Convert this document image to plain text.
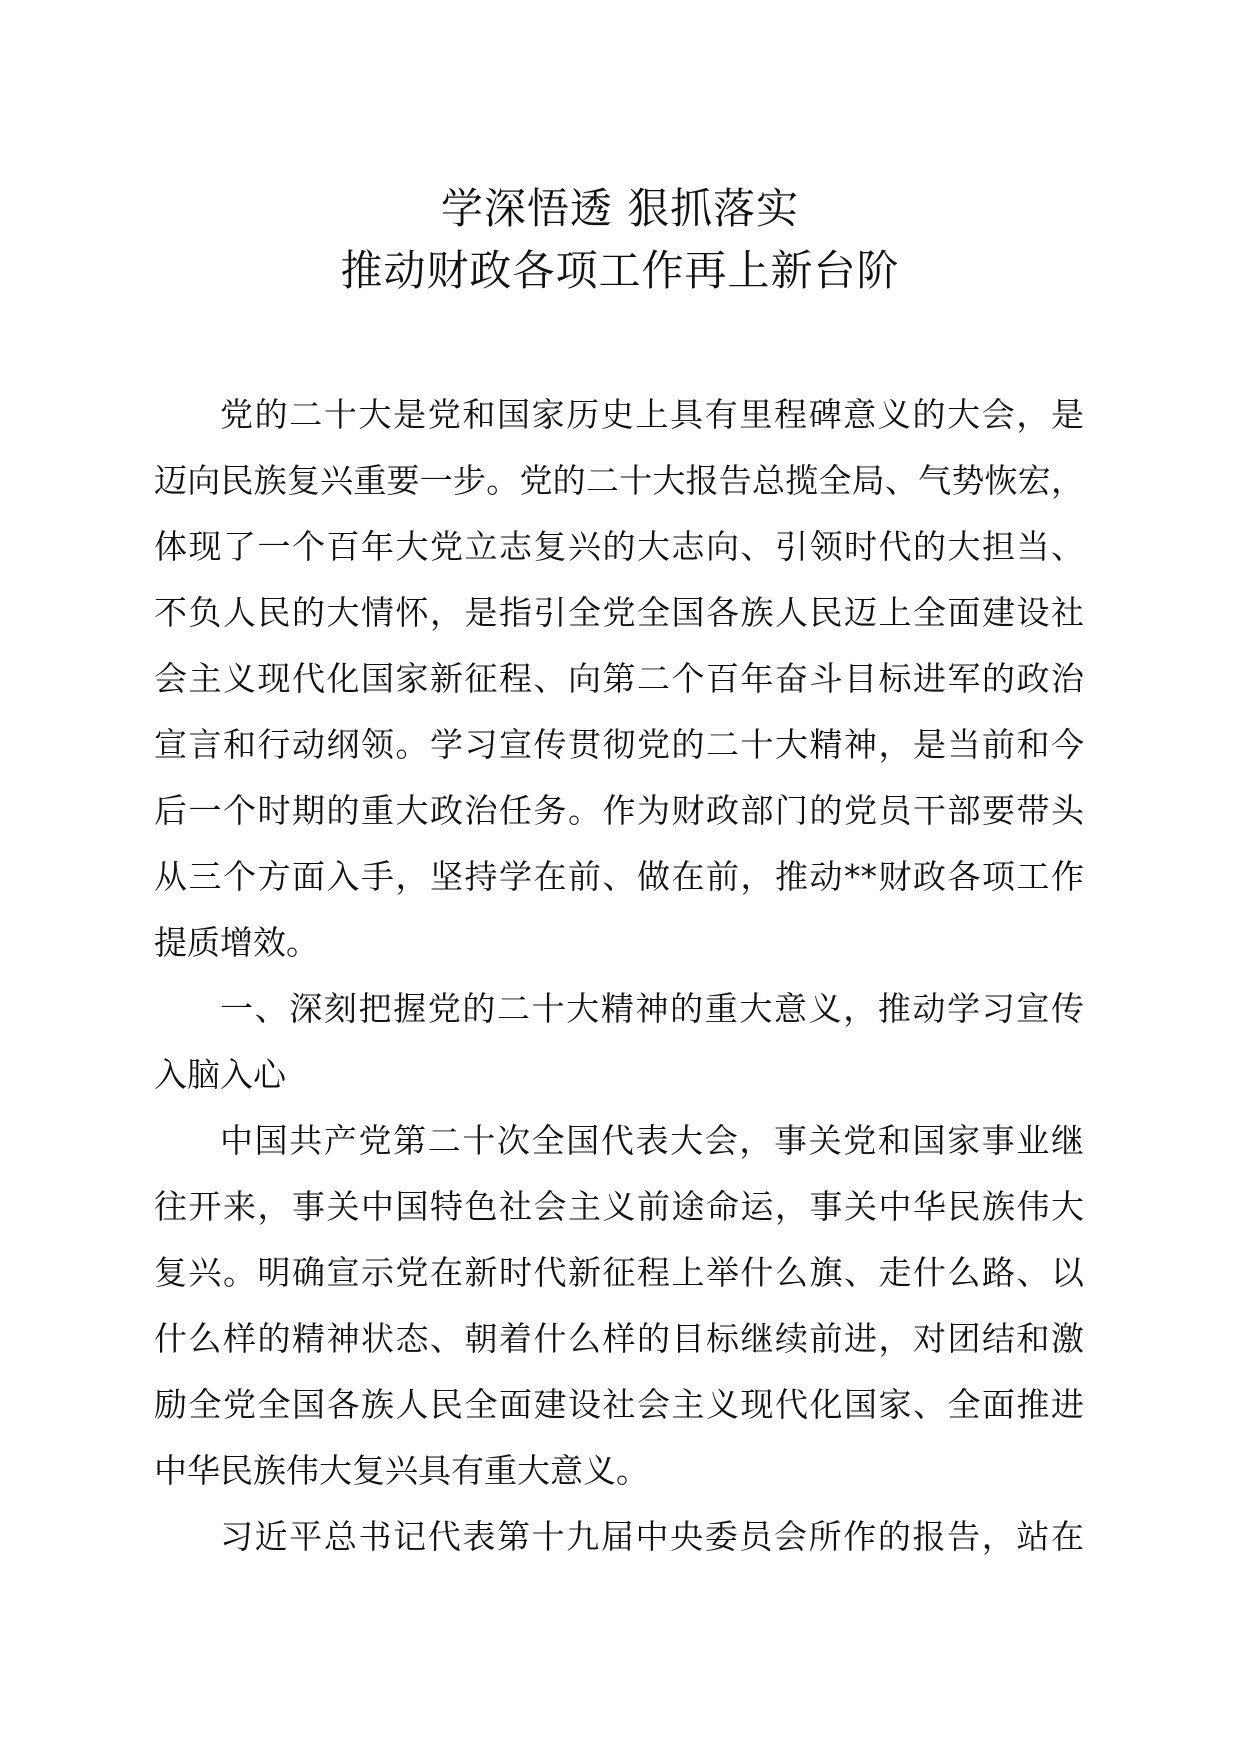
学深悟透 狠抓落实
推动财政各项工作再上新台阶
党的二十大是党和国家历史上具有里程碑意义的大会，是
迈向民族复兴重要一步。党的二十大报告总揽全局、气势恢宏，
体现了一个百年大党立志复兴的大志向、引领时代的大担当、
不负人民的大情怀，是指引全党全国各族人民迈上全面建设社
会主义现代化国家新征程、向第二个百年奋斗目标进军的政治
宣言和行动纲领。学习宣传贯彻党的二十大精神，是当前和今
后一个时期的重大政治任务。作为财政部门的党员干部要带头
从三个方面入手，坚持学在前、做在前，推动**财政各项工作
提质增效。
一、深刻把握党的二十大精神的重大意义，推动学习宣传
入脑入心
中国共产党第二十次全国代表大会，事关党和国家事业继
往开来，事关中国特色社会主义前途命运，事关中华民族伟大
复兴。明确宣示党在新时代新征程上举什么旗、走什么路、以
什么样的精神状态、朝着什么样的目标继续前进，对团结和激
励全党全国各族人民全面建设社会主义现代化国家、全面推进
中华民族伟大复兴具有重大意义。
习近平总书记代表第十九届中央委员会所作的报告，站在
